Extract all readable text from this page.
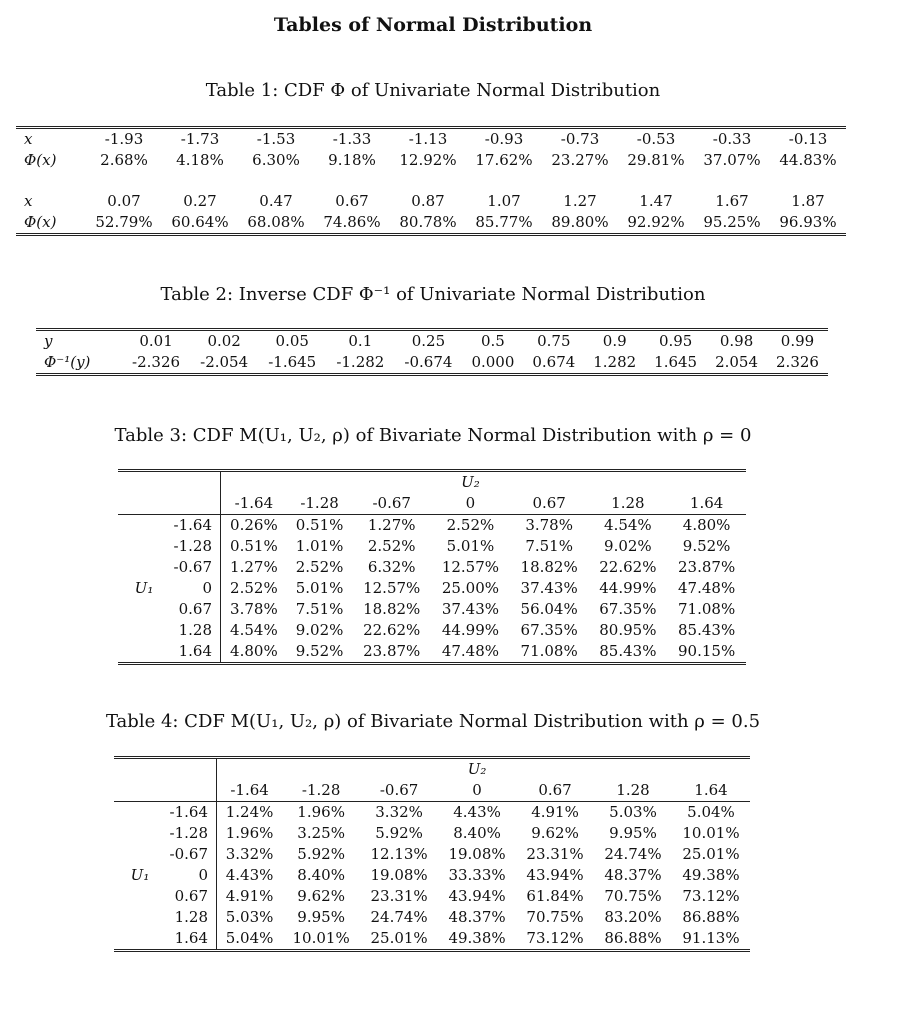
Tables of Normal Distribution
Table 1: CDF Φ of Univariate Normal Distribution
x	-1.93	-1.73	-1.53	-1.33	-1.13	-0.93	-0.73	-0.53	-0.33	-0.13
Φ(x)	2.68%	4.18%	6.30%	9.18%	12.92%	17.62%	23.27%	29.81%	37.07%	44.83%

x	0.07	0.27	0.47	0.67	0.87	1.07	1.27	1.47	1.67	1.87
Φ(x)	52.79%	60.64%	68.08%	74.86%	80.78%	85.77%	89.80%	92.92%	95.25%	96.93%
Table 2: Inverse CDF Φ⁻¹ of Univariate Normal Distribution
y	0.01	0.02	0.05	0.1	0.25	0.5	0.75	0.9	0.95	0.98	0.99
Φ⁻¹(y)	-2.326	-2.054	-1.645	-1.282	-0.674	0.000	0.674	1.282	1.645	2.054	2.326
Table 3: CDF M(U₁, U₂, ρ) of Bivariate Normal Distribution with ρ = 0
					U₂			
		-1.64	-1.28	-0.67	0	0.67	1.28	1.64
	-1.64	0.26%	0.51%	1.27%	2.52%	3.78%	4.54%	4.80%
	-1.28	0.51%	1.01%	2.52%	5.01%	7.51%	9.02%	9.52%
	-0.67	1.27%	2.52%	6.32%	12.57%	18.82%	22.62%	23.87%
U₁	0	2.52%	5.01%	12.57%	25.00%	37.43%	44.99%	47.48%
	0.67	3.78%	7.51%	18.82%	37.43%	56.04%	67.35%	71.08%
	1.28	4.54%	9.02%	22.62%	44.99%	67.35%	80.95%	85.43%
	1.64	4.80%	9.52%	23.87%	47.48%	71.08%	85.43%	90.15%
Table 4: CDF M(U₁, U₂, ρ) of Bivariate Normal Distribution with ρ = 0.5
					U₂			
		-1.64	-1.28	-0.67	0	0.67	1.28	1.64
	-1.64	1.24%	1.96%	3.32%	4.43%	4.91%	5.03%	5.04%
	-1.28	1.96%	3.25%	5.92%	8.40%	9.62%	9.95%	10.01%
	-0.67	3.32%	5.92%	12.13%	19.08%	23.31%	24.74%	25.01%
U₁	0	4.43%	8.40%	19.08%	33.33%	43.94%	48.37%	49.38%
	0.67	4.91%	9.62%	23.31%	43.94%	61.84%	70.75%	73.12%
	1.28	5.03%	9.95%	24.74%	48.37%	70.75%	83.20%	86.88%
	1.64	5.04%	10.01%	25.01%	49.38%	73.12%	86.88%	91.13%
